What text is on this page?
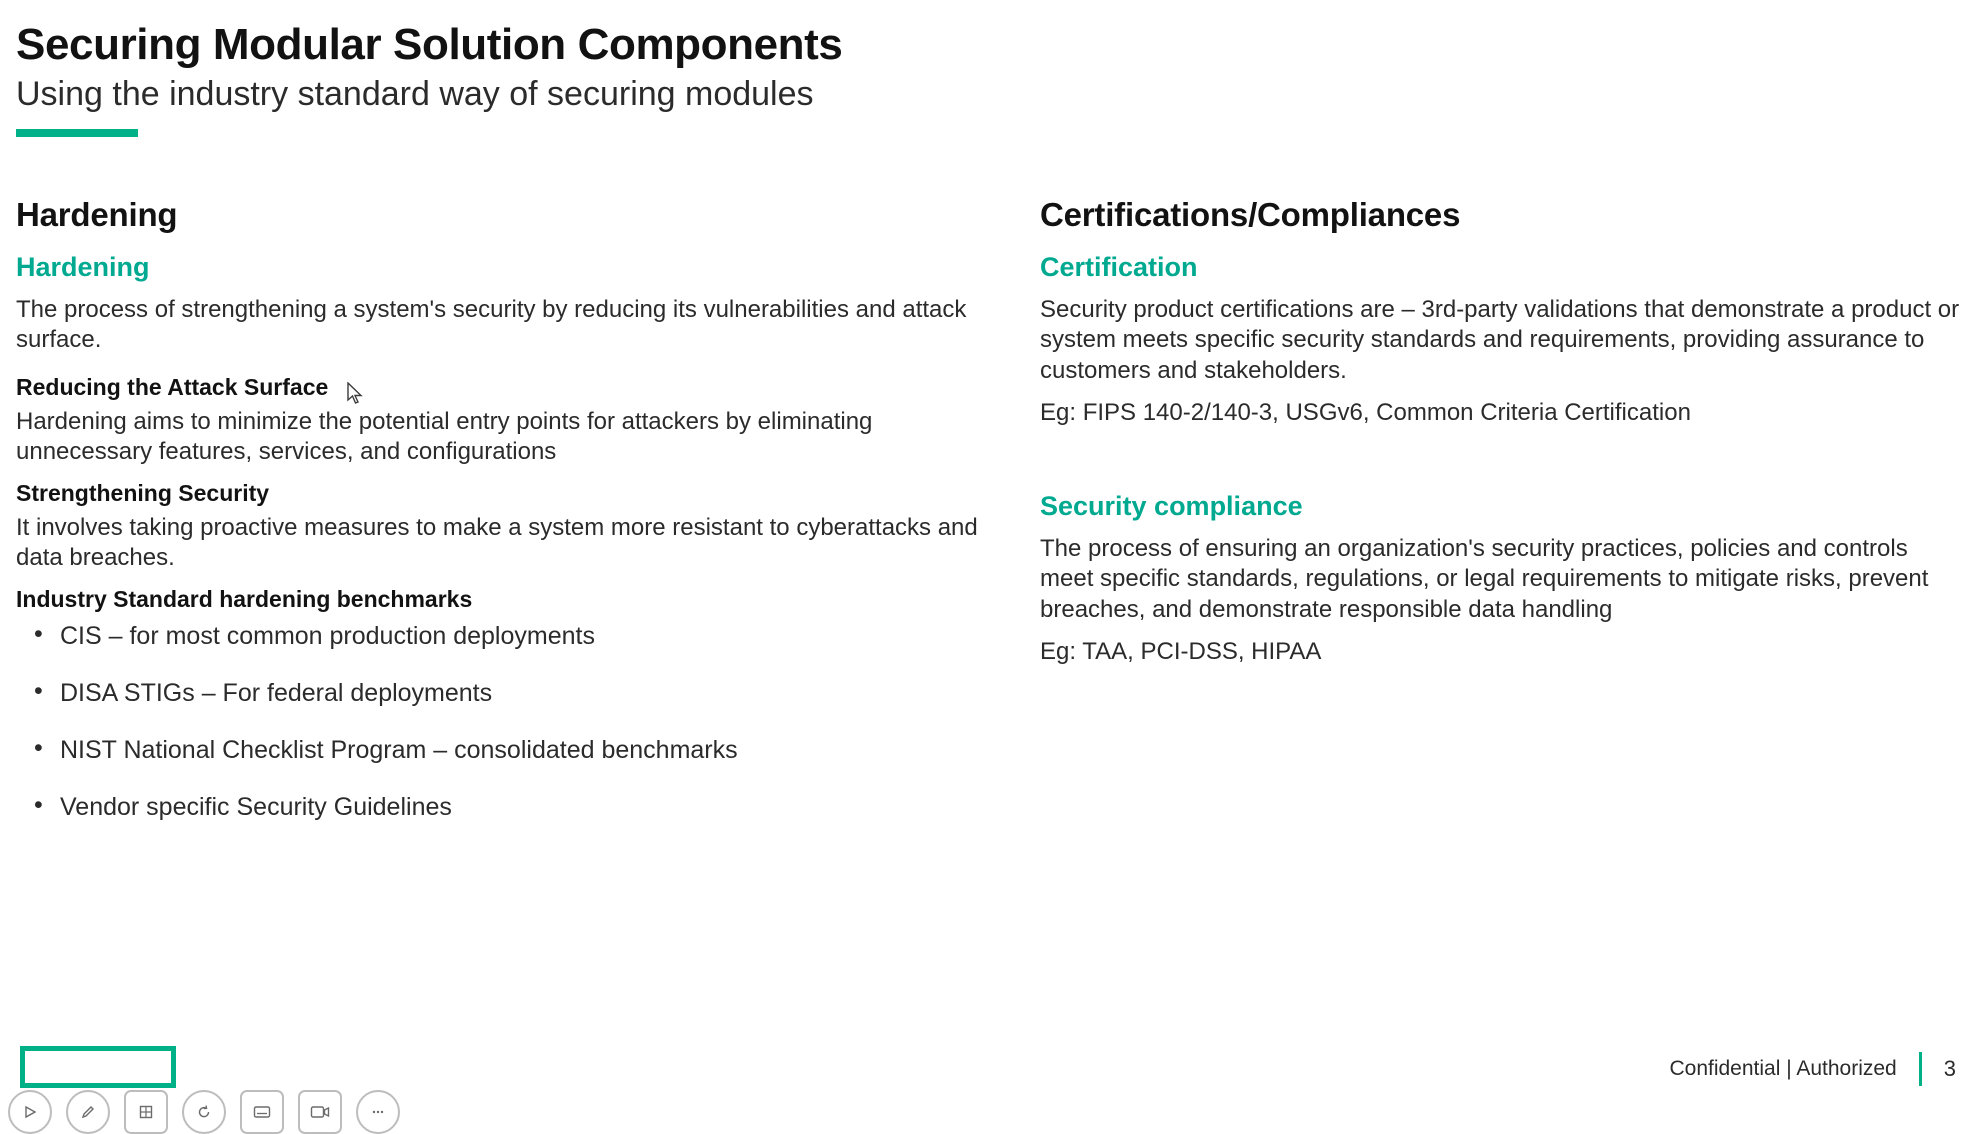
Securing Modular Solution Components
Using the industry standard way of securing modules
Hardening
Hardening

The process of strengthening a system's security by reducing its vulnerabilities and attack surface.

Reducing the Attack Surface

Hardening aims to minimize the potential entry points for attackers by eliminating unnecessary features, services, and configurations

Strengthening Security

It involves taking proactive measures to make a system more resistant to cyberattacks and data breaches.

Industry Standard hardening benchmarks
• CIS – for most common production deployments
• DISA STIGs – For federal deployments
• NIST National Checklist Program – consolidated benchmarks
• Vendor specific Security Guidelines
Certifications/Compliances
Certification

Security product certifications are – 3rd-party validations that demonstrate a product or system meets specific security standards and requirements, providing assurance to customers and stakeholders.

Eg: FIPS 140-2/140-3, USGv6, Common Criteria Certification

Security compliance

The process of ensuring an organization's security practices, policies and controls meet specific standards, regulations, or legal requirements to mitigate risks, prevent breaches, and demonstrate responsible data handling

Eg: TAA, PCI-DSS, HIPAA

Confidential | Authorized 3
